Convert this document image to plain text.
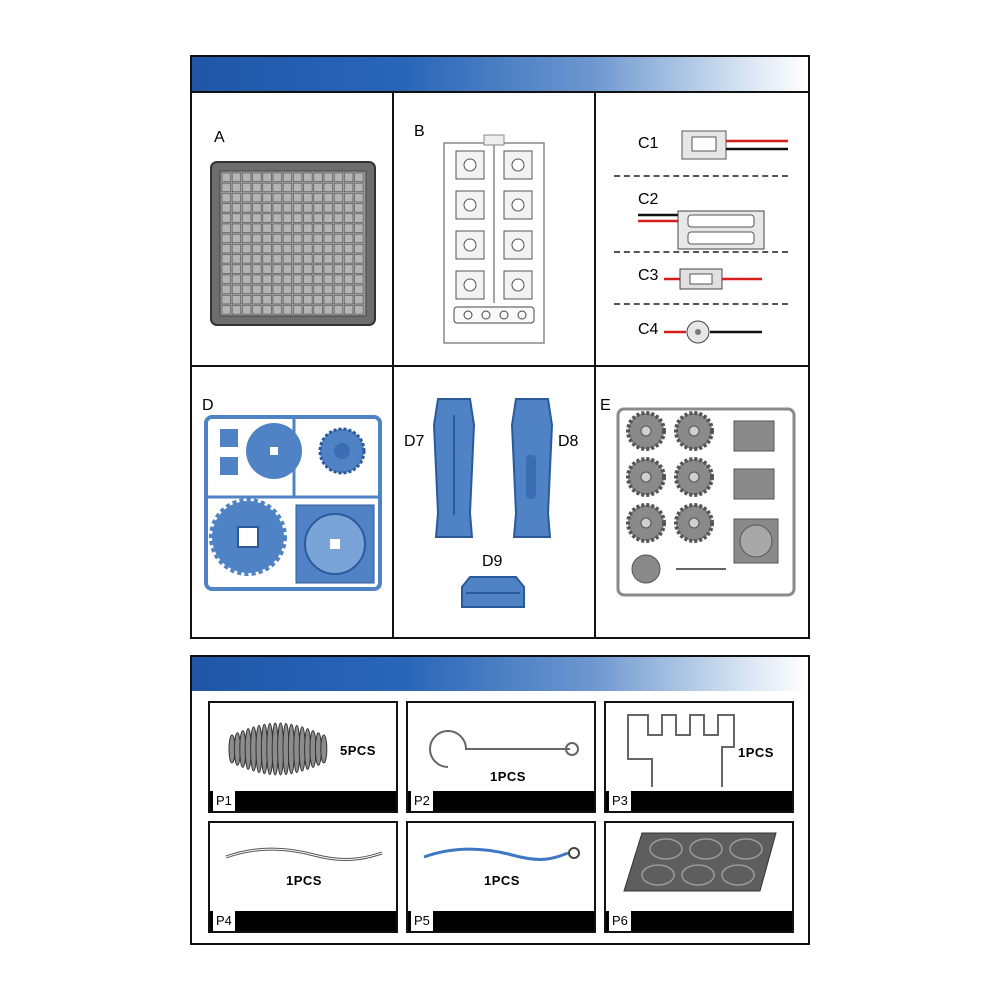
A	B
C1
C2
C3
C4
D
D7	D8
D9
E
5PCS
P1
1PCS
P2
1PCS
P3
1PCS
P4
1PCS
P5	P6
